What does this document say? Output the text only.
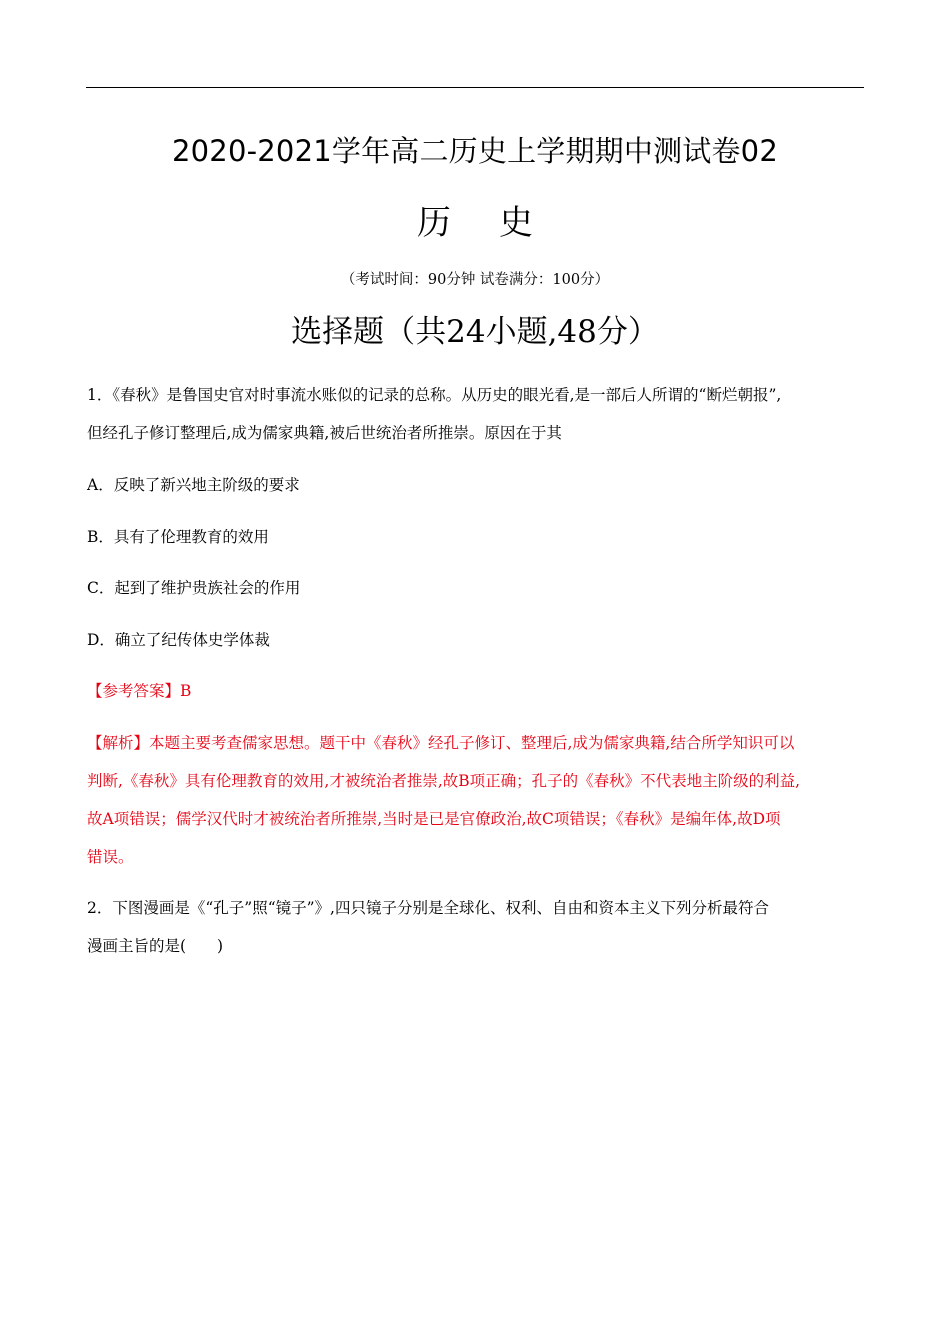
2020-2021学年高二历史上学期期中测试卷02
历 史
（考试时间：90分钟 试卷满分：100分）
选择题（共24小题,48分）
1．《春秋》是鲁国史官对时事流水账似的记录的总称。从历史的眼光看,是一部后人所谓的“断烂朝报”,
但经孔子修订整理后,成为儒家典籍,被后世统治者所推崇。原因在于其
A．反映了新兴地主阶级的要求
B．具有了伦理教育的效用
C．起到了维护贵族社会的作用
D．确立了纪传体史学体裁
【参考答案】B
【解析】本题主要考查儒家思想。题干中《春秋》经孔子修订、整理后,成为儒家典籍,结合所学知识可以
判断,《春秋》具有伦理教育的效用,才被统治者推崇,故B项正确；孔子的《春秋》不代表地主阶级的利益,
故A项错误；儒学汉代时才被统治者所推崇,当时是已是官僚政治,故C项错误；《春秋》是编年体,故D项
错误。
2．下图漫画是《“孔子”照“镜子”》,四只镜子分别是全球化、权利、自由和资本主义下列分析最符合
漫画主旨的是(　　)
